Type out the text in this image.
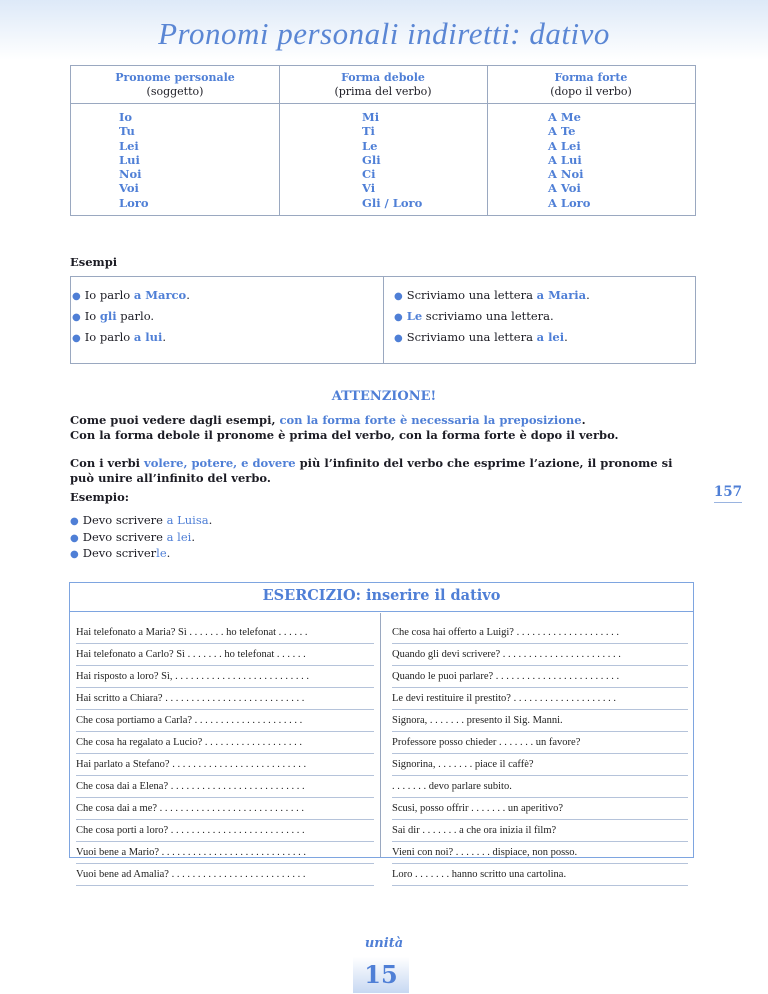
Pronomi personali indiretti: dativo
Pronome personale
(soggetto)
Forma debole
(prima del verbo)
Forma forte
(dopo il verbo)
Io
Tu
Lei
Lui
Noi
Voi
Loro
Mi
Ti
Le
Gli
Ci
Vi
Gli / Loro
A Me
A Te
A Lei
A Lui
A Noi
A Voi
A Loro
Esempi
● Io parlo a Marco.
● Io gli parlo.
● Io parlo a lui.
● Scriviamo una lettera a Maria.
● Le scriviamo una lettera.
● Scriviamo una lettera a lei.
ATTENZIONE!
Come puoi vedere dagli esempi, con la forma forte è necessaria la preposizione.
Con la forma debole il pronome è prima del verbo, con la forma forte è dopo il verbo.
Con i verbi volere, potere, e dovere più l’infinito del verbo che esprime l’azione, il pronome si
può unire all’infinito del verbo.
Esempio:	157
● Devo scrivere a Luisa.
● Devo scrivere a lei.
● Devo scriverle.
ESERCIZIO: inserire il dativo
Hai telefonato a Maria? Sì . . . . . . . ho telefonat . . . . . .
Hai telefonato a Carlo? Sì . . . . . . . ho telefonat . . . . . .
Hai risposto a loro? Sì, . . . . . . . . . . . . . . . . . . . . . . . . . .
Hai scritto a Chiara? . . . . . . . . . . . . . . . . . . . . . . . . . . .
Che cosa portiamo a Carla? . . . . . . . . . . . . . . . . . . . . .
Che cosa ha regalato a Lucio? . . . . . . . . . . . . . . . . . . .
Hai parlato a Stefano? . . . . . . . . . . . . . . . . . . . . . . . . . .
Che cosa dai a Elena? . . . . . . . . . . . . . . . . . . . . . . . . . .
Che cosa dai a me? . . . . . . . . . . . . . . . . . . . . . . . . . . . .
Che cosa porti a loro? . . . . . . . . . . . . . . . . . . . . . . . . . .
Vuoi bene a Mario? . . . . . . . . . . . . . . . . . . . . . . . . . . . .
Vuoi bene ad Amalia? . . . . . . . . . . . . . . . . . . . . . . . . . .
Che cosa hai offerto a Luigi? . . . . . . . . . . . . . . . . . . . .
Quando gli devi scrivere? . . . . . . . . . . . . . . . . . . . . . . .
Quando le puoi parlare? . . . . . . . . . . . . . . . . . . . . . . . .
Le devi restituire il prestito? . . . . . . . . . . . . . . . . . . . .
Signora, . . . . . . . presento il Sig. Manni.
Professore posso chieder . . . . . . . un favore?
Signorina, . . . . . . . piace il caffè?
. . . . . . . devo parlare subito.
Scusi, posso offrir . . . . . . . un aperitivo?
Sai dir . . . . . . . a che ora inizia il film?
Vieni con noi? . . . . . . . dispiace, non posso.
Loro . . . . . . . hanno scritto una cartolina.
unità
15
